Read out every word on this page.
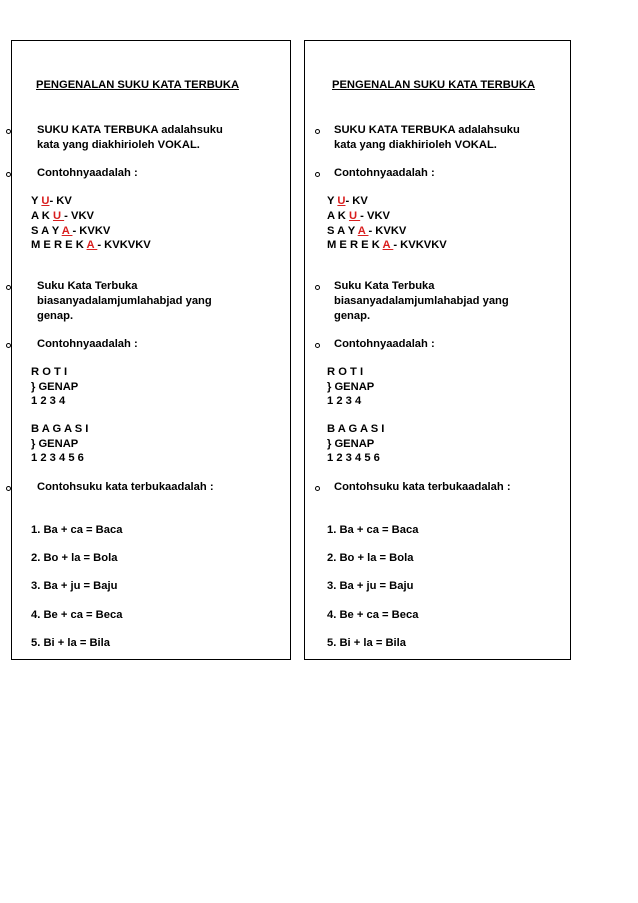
PENGENALAN SUKU KATA TERBUKA
SUKU KATA TERBUKA adalahsuku
kata yang diakhirioleh VOKAL.
Contohnyaadalah :
Y U- KV
A K U - VKV
S A Y A - KVKV
M E R E K A - KVKVKV
Suku Kata Terbuka
biasanyadalamjumlahabjad yang
genap.
Contohnyaadalah :
R O T I
} GENAP
1 2 3 4
B A G A S I
} GENAP
1 2 3 4 5 6
Contohsuku kata terbukaadalah :
1. Ba + ca = Baca
2. Bo + la = Bola
3. Ba + ju = Baju
4. Be + ca = Beca
5. Bi + la = Bila
PENGENALAN SUKU KATA TERBUKA
SUKU KATA TERBUKA adalahsuku
kata yang diakhirioleh VOKAL.
Contohnyaadalah :
Y U- KV
A K U - VKV
S A Y A - KVKV
M E R E K A - KVKVKV
Suku Kata Terbuka
biasanyadalamjumlahabjad yang
genap.
Contohnyaadalah :
R O T I
} GENAP
1 2 3 4
B A G A S I
} GENAP
1 2 3 4 5 6
Contohsuku kata terbukaadalah :
1. Ba + ca = Baca
2. Bo + la = Bola
3. Ba + ju = Baju
4. Be + ca = Beca
5. Bi + la = Bila
